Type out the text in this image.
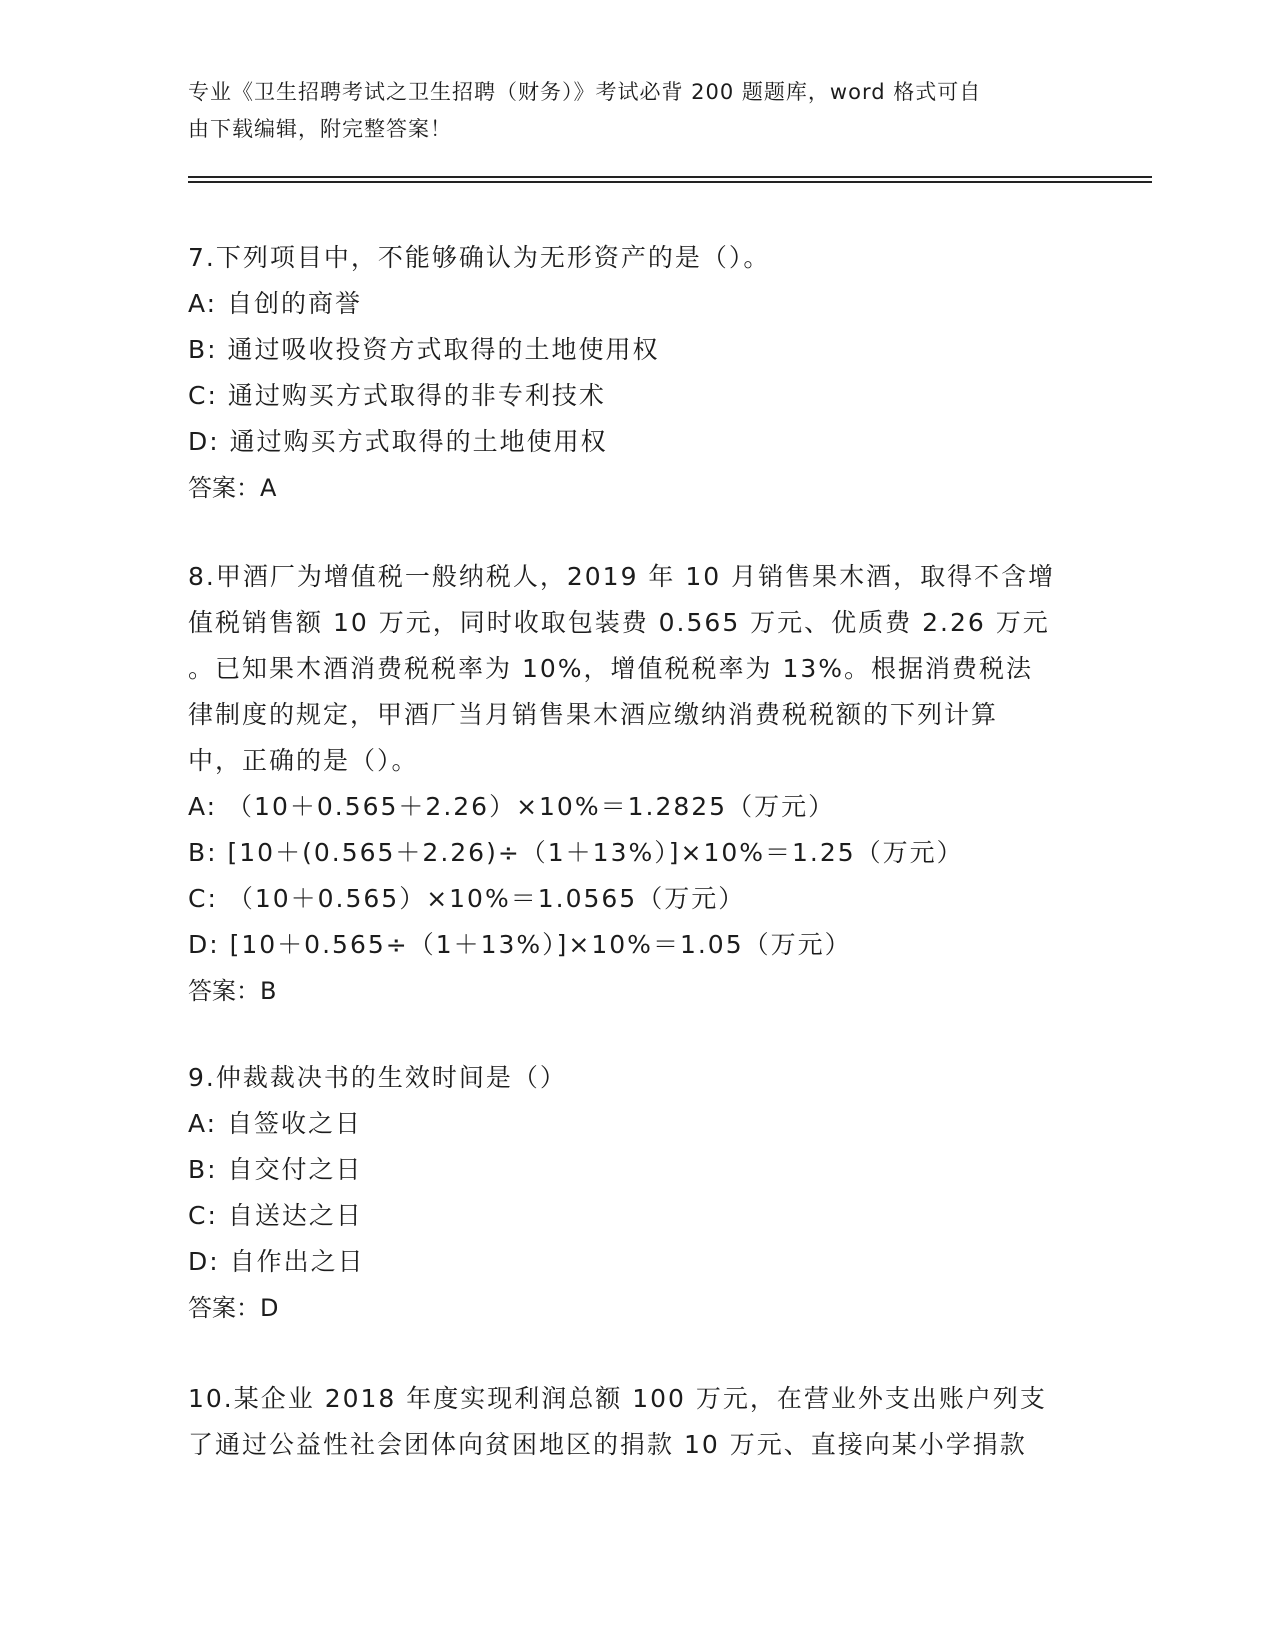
专业《卫生招聘考试之卫生招聘（财务）》考试必背 200 题题库，word 格式可自
由下载编辑，附完整答案！
7.下列项目中，不能够确认为无形资产的是（）。
A: 自创的商誉
B: 通过吸收投资方式取得的土地使用权
C: 通过购买方式取得的非专利技术
D: 通过购买方式取得的土地使用权
答案：A
8.甲酒厂为增值税一般纳税人，2019 年 10 月销售果木酒，取得不含增
值税销售额 10 万元，同时收取包装费 0.565 万元、优质费 2.26 万元
。已知果木酒消费税税率为 10%，增值税税率为 13%。根据消费税法
律制度的规定，甲酒厂当月销售果木酒应缴纳消费税税额的下列计算
中，正确的是（）。
A: （10＋0.565＋2.26）×10%＝1.2825（万元）
B: [10＋(0.565＋2.26)÷（1＋13%）]×10%＝1.25（万元）
C: （10＋0.565）×10%＝1.0565（万元）
D: [10＋0.565÷（1＋13%）]×10%＝1.05（万元）
答案：B
9.仲裁裁决书的生效时间是（）
A: 自签收之日
B: 自交付之日
C: 自送达之日
D: 自作出之日
答案：D
10.某企业 2018 年度实现利润总额 100 万元，在营业外支出账户列支
了通过公益性社会团体向贫困地区的捐款 10 万元、直接向某小学捐款
